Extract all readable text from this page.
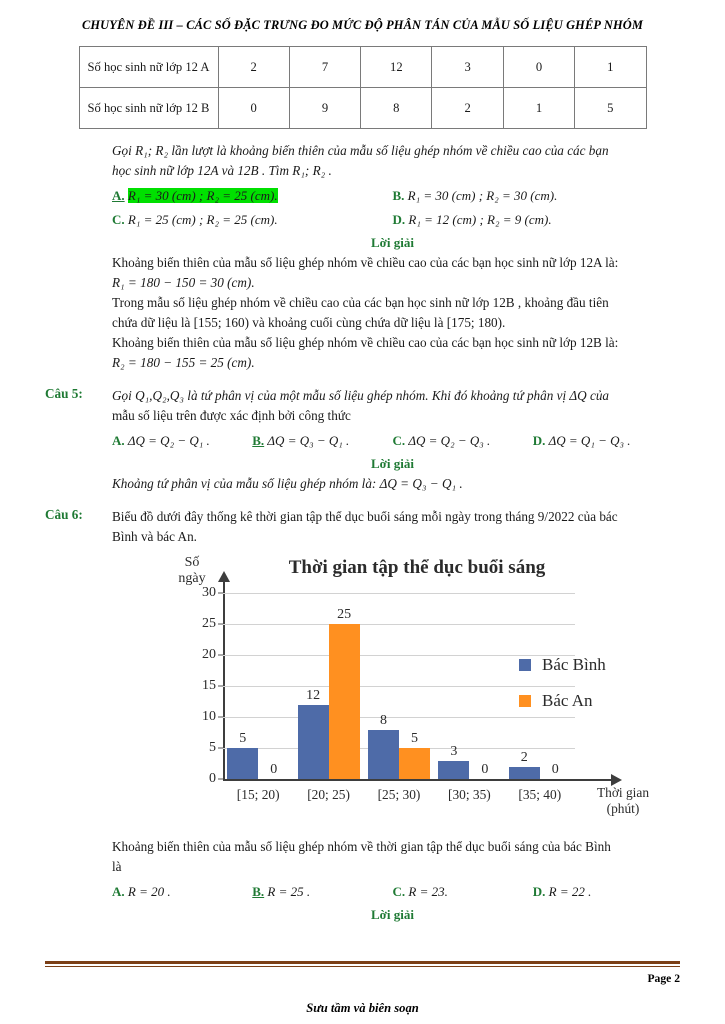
CHUYÊN ĐỀ III – CÁC SỐ ĐẶC TRƯNG ĐO MỨC ĐỘ PHÂN TÁN CỦA MẪU SỐ LIỆU GHÉP NHÓM
Số học sinh nữ lớp 12 A	2	7	12	3	0	1
Số học sinh nữ lớp 12 B	0	9	8	2	1	5

Gọi R₁; R₂ lần lượt là khoảng biến thiên của mẫu số liệu ghép nhóm về chiều cao của các bạn

học sinh nữ lớp 12A và 12B . Tìm R₁; R₂ .

A. R₁ = 30 (cm) ; R₂ = 25 (cm).	B. R₁ = 30 (cm) ; R₂ = 30 (cm).
C. R₁ = 25 (cm) ; R₂ = 25 (cm).	D. R₁ = 12 (cm) ; R₂ = 9 (cm).
Lời giải

Khoảng biến thiên của mẫu số liệu ghép nhóm về chiều cao của các bạn học sinh nữ lớp 12A là:

R₁ = 180 − 150 = 30 (cm).

Trong mẫu số liệu ghép nhóm về chiều cao của các bạn học sinh nữ lớp 12B , khoảng đầu tiên

chứa dữ liệu là [155; 160) và khoảng cuối cùng chứa dữ liệu là [175; 180).

Khoảng biến thiên của mẫu số liệu ghép nhóm về chiều cao của các bạn học sinh nữ lớp 12B là:

R₂ = 180 − 155 = 25 (cm).

Câu 5:	Gọi Q₁,Q₂,Q₃ là tứ phân vị của một mẫu số liệu ghép nhóm. Khi đó khoảng tứ phân vị ΔQ của

mẫu số liệu trên được xác định bởi công thức

A. ΔQ = Q₂ − Q₁ .	B. ΔQ = Q₃ − Q₁ .	C. ΔQ = Q₂ − Q₃ .	D. ΔQ = Q₁ − Q₃ .
Lời giải

Khoảng tứ phân vị của mẫu số liệu ghép nhóm là: ΔQ = Q₃ − Q₁ .

Câu 6:	Biểu đồ dưới đây thống kê thời gian tập thể dục buổi sáng mỗi ngày trong tháng 9/2022 của bác

Bình và bác An.

Thời gian tập thể dục buổi sáng
Số
ngày
0
5
10
15
20
25
30
5
0
12
25
8
5
3
0
2
0
Thời gian
(phút)
Bác Bình
Bác An
[15; 20)	[20; 25)	[25; 30)	[30; 35)	[35; 40)

Khoảng biến thiên của mẫu số liệu ghép nhóm về thời gian tập thể dục buổi sáng của bác Bình

là

A. R = 20 .	B. R = 25 .	C. R = 23.	D. R = 22 .
Lời giải
Page 2
Sưu tầm và biên soạn
